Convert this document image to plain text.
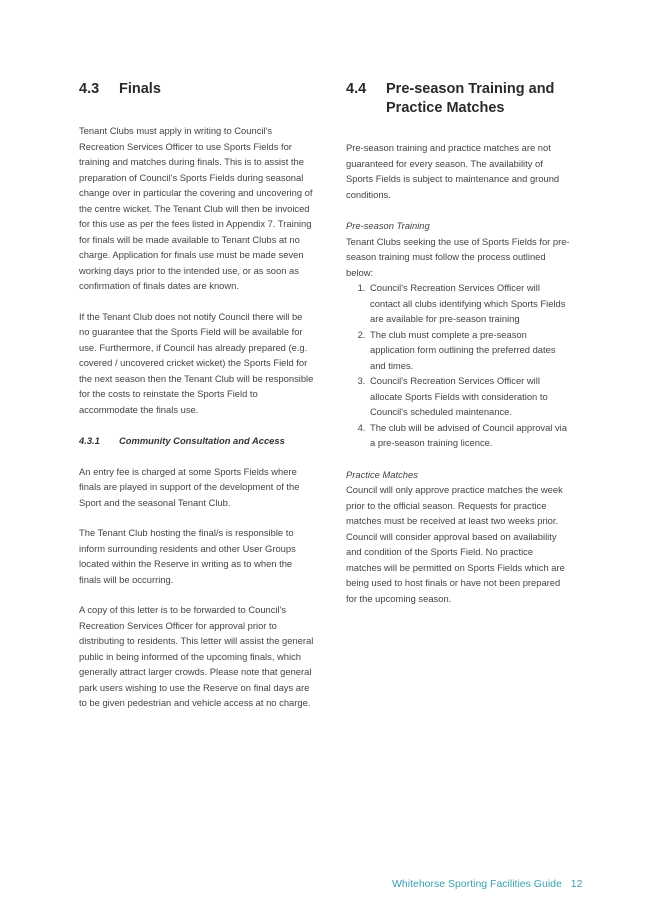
4.3	Finals

Tenant Clubs must apply in writing to Council's Recreation Services Officer to use Sports Fields for training and matches during finals. This is to assist the preparation of Council's Sports Fields during seasonal change over in particular the covering and uncovering of the centre wicket. The Tenant Club will then be invoiced for this use as per the fees listed in Appendix 7. Training for finals will be made available to Tenant Clubs at no charge. Application for finals use must be made seven working days prior to the intended use, or as soon as confirmation of finals dates are known.

If the Tenant Club does not notify Council there will be no guarantee that the Sports Field will be available for use. Furthermore, if Council has already prepared (e.g. covered / uncovered cricket wicket) the Sports Field for the next season then the Tenant Club will be responsible for the costs to reinstate the Sports Field to accommodate the finals use.

4.3.1	Community Consultation and Access

An entry fee is charged at some Sports Fields where finals are played in support of the development of the Sport and the seasonal Tenant Club.

The Tenant Club hosting the final/s is responsible to inform surrounding residents and other User Groups located within the Reserve in writing as to when the finals will be occurring.

A copy of this letter is to be forwarded to Council's Recreation Services Officer for approval prior to distributing to residents. This letter will assist the general public in being informed of the upcoming finals, which generally attract larger crowds. Please note that general park users wishing to use the Reserve on final days are to be given pedestrian and vehicle access at no charge.

4.4	Pre-season Training and Practice Matches

Pre-season training and practice matches are not guaranteed for every season. The availability of Sports Fields is subject to maintenance and ground conditions.

Pre-season Training

Tenant Clubs seeking the use of Sports Fields for pre-season training must follow the process outlined below:

1. Council's Recreation Services Officer will contact all clubs identifying which Sports Fields are available for pre-season training
2. The club must complete a pre-season application form outlining the preferred dates and times.
3. Council's Recreation Services Officer will allocate Sports Fields with consideration to Council's scheduled maintenance.
4. The club will be advised of Council approval via a pre-season training licence.
Practice Matches

Council will only approve practice matches the week prior to the official season. Requests for practice matches must be received at least two weeks prior. Council will consider approval based on availability and condition of the Sports Field. No practice matches will be permitted on Sports Fields which are being used to host finals or have not been prepared for the upcoming season.

Whitehorse Sporting Facilities Guide 12
